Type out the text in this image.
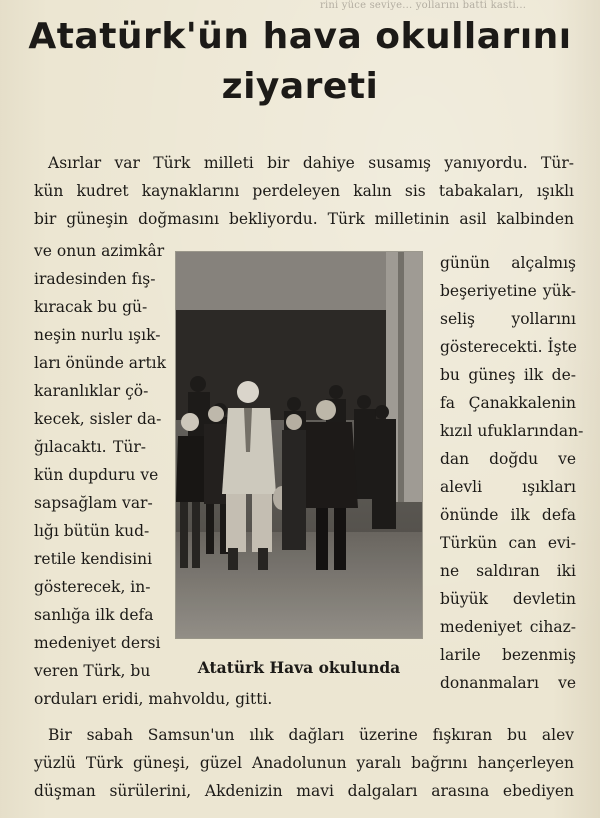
rini yüce seviye... yollarını batti kasti...
Atatürk'ün hava okullarını
ziyareti
Asırlar var Türk milleti bir dahiye susamış yanıyordu. Tür-
kün kudret kaynaklarını perdeleyen kalın sis tabakaları, ışıklı
bir güneşin doğmasını bekliyordu. Türk milletinin asil kalbinden
ve onun azimkâr
iradesinden fış-
kıracak bu gü-
neşin nurlu ışık-
ları önünde artık
karanlıklar çö-
kecek, sisler da-
ğılacaktı. Tür-
kün dupduru ve
sapsağlam var-
lığı bütün kud-
retile kendisini
gösterecek, in-
sanlığa ilk defa
medeniyet dersi
veren Türk, bu	Atatürk Hava okulunda
günün alçalmış
beşeriyetine yük-
seliş yollarını
gösterecekti. İşte
bu güneş ilk de-
fa Çanakkalenin
kızıl ufuklarından-
dan doğdu ve
alevli ışıkları
önünde ilk defa
Türkün can evi-
ne saldıran iki
büyük devletin
medeniyet cihaz-
larile bezenmiş
donanmaları ve
orduları eridi, mahvoldu, gitti.
Bir sabah Samsun'un ılık dağları üzerine fışkıran bu alev
yüzlü Türk güneşi, güzel Anadolunun yaralı bağrını hançerleyen
düşman sürülerini, Akdenizin mavi dalgaları arasına ebediyen
